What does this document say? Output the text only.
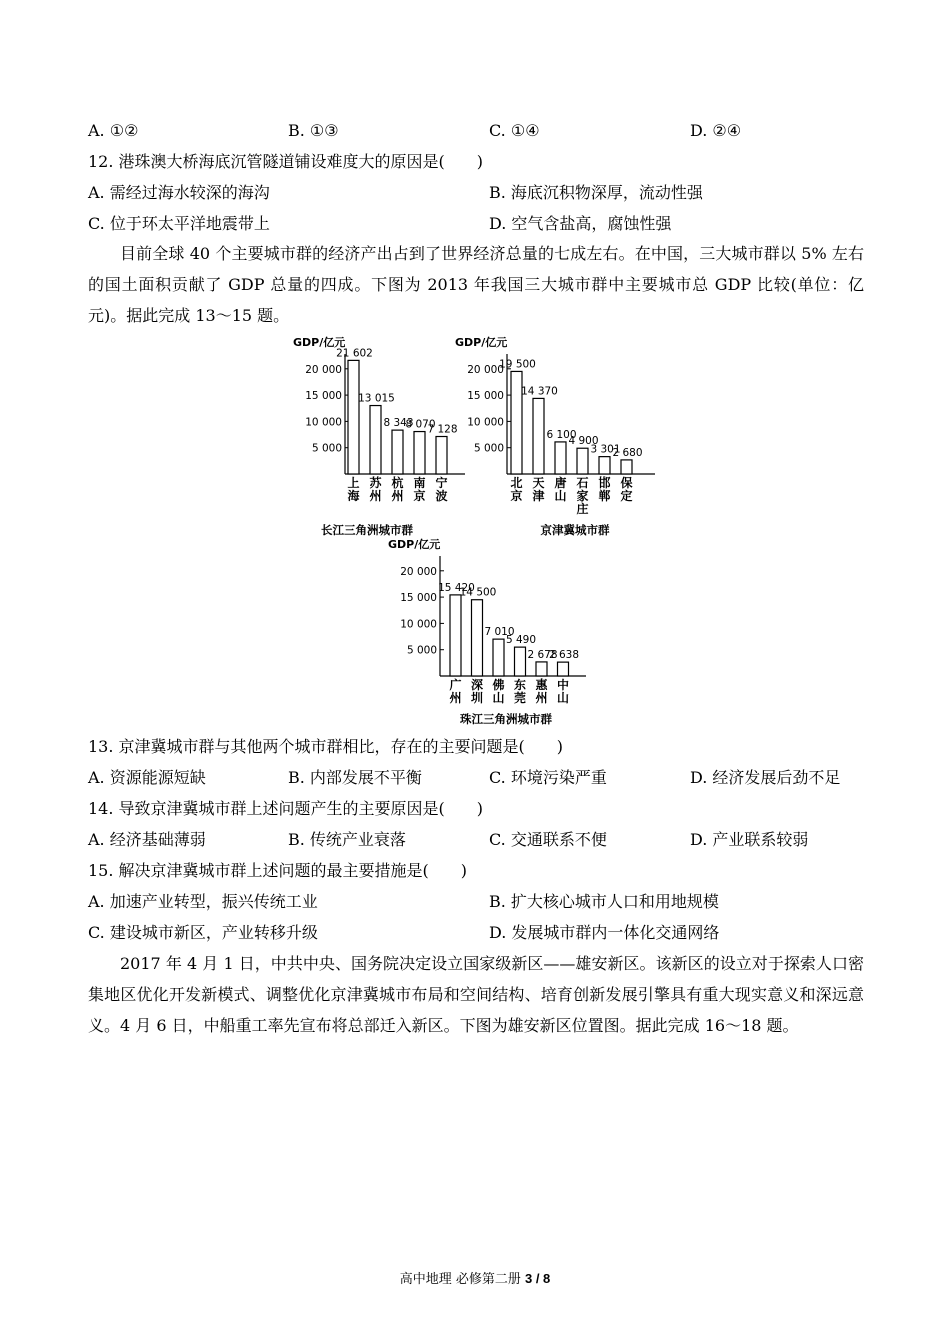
A. ①②	B. ①③	C. ①④	D. ②④
12. 港珠澳大桥海底沉管隧道铺设难度大的原因是(　　)
A. 需经过海水较深的海沟	B. 海底沉积物深厚，流动性强
C. 位于环太平洋地震带上	D. 空气含盐高，腐蚀性强
目前全球 40 个主要城市群的经济产出占到了世界经济总量的七成左右。在中国，三大城市群以 5% 左右的国土面积贡献了 GDP 总量的四成。下图为 2013 年我国三大城市群中主要城市总 GDP 比较(单位：亿元)。据此完成 13～15 题。
GDP/亿元
5 000
10 000
15 000
20 000
21 602
上海
13 015
苏州
8 343
杭州
8 070
南京
7 128
宁波
长江三角洲城市群
GDP/亿元
5 000
10 000
15 000
20 000
19 500
北京
14 370
天津
6 100
唐山
4 900
石家庄
3 301
邯郸
2 680
保定
京津冀城市群
GDP/亿元
5 000
10 000
15 000
20 000
15 420
广州
14 500
深圳
7 010
佛山
5 490
东莞
2 678
惠州
2 638
中山
珠江三角洲城市群
13. 京津冀城市群与其他两个城市群相比，存在的主要问题是(　　)
A. 资源能源短缺	B. 内部发展不平衡	C. 环境污染严重	D. 经济发展后劲不足
14. 导致京津冀城市群上述问题产生的主要原因是(　　)
A. 经济基础薄弱	B. 传统产业衰落	C. 交通联系不便	D. 产业联系较弱
15. 解决京津冀城市群上述问题的最主要措施是(　　)
A. 加速产业转型，振兴传统工业	B. 扩大核心城市人口和用地规模
C. 建设城市新区，产业转移升级	D. 发展城市群内一体化交通网络
2017 年 4 月 1 日，中共中央、国务院决定设立国家级新区——雄安新区。该新区的设立对于探索人口密集地区优化开发新模式、调整优化京津冀城市布局和空间结构、培育创新发展引擎具有重大现实意义和深远意义。4 月 6 日，中船重工率先宣布将总部迁入新区。下图为雄安新区位置图。据此完成 16～18 题。
高中地理 必修第二册 3 / 8
